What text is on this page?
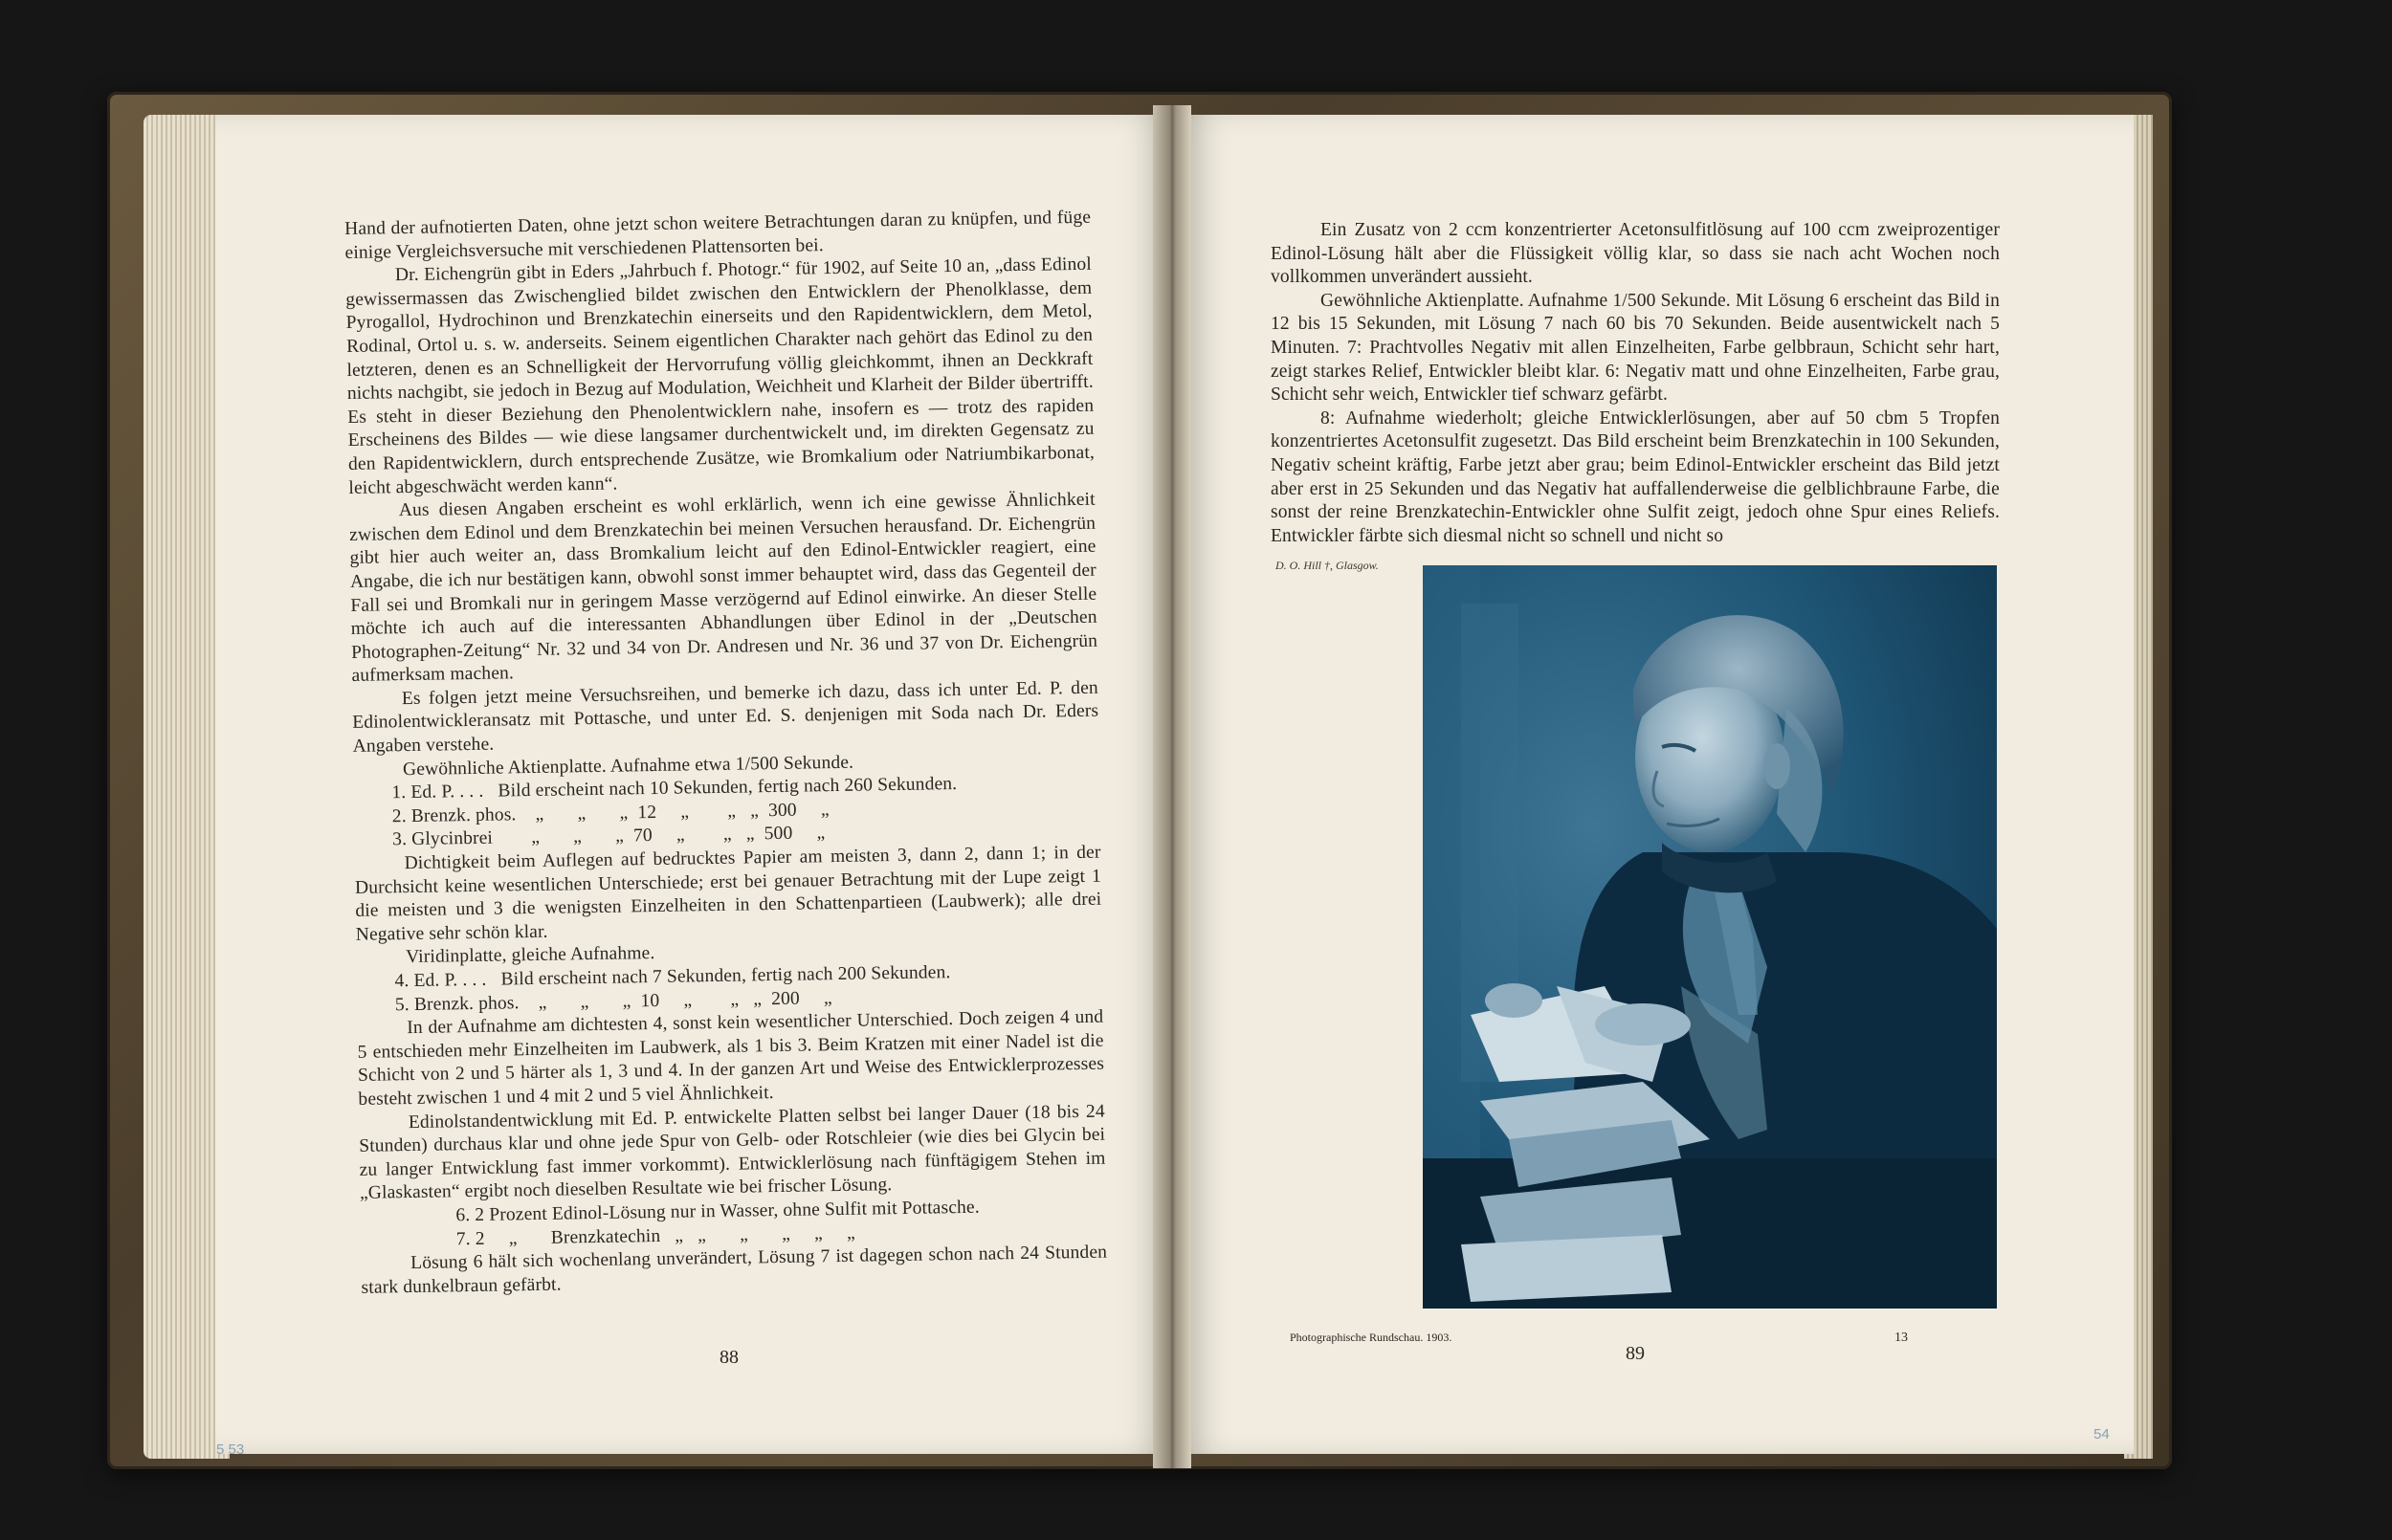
Hand der aufnotierten Daten, ohne jetzt schon weitere Betrachtungen daran zu knüpfen, und füge einige Vergleichsversuche mit verschiedenen Plattensorten bei.

Dr. Eichengrün gibt in Eders „Jahrbuch f. Photogr.“ für 1902, auf Seite 10 an, „dass Edinol gewissermassen das Zwischenglied bildet zwischen den Entwicklern der Phenolklasse, dem Pyrogallol, Hydrochinon und Brenzkatechin einerseits und den Rapidentwicklern, dem Metol, Rodinal, Ortol u. s. w. anderseits. Seinem eigentlichen Charakter nach gehört das Edinol zu den letzteren, denen es an Schnelligkeit der Hervorrufung völlig gleichkommt, ihnen an Deckkraft nichts nachgibt, sie jedoch in Bezug auf Modulation, Weichheit und Klarheit der Bilder übertrifft. Es steht in dieser Beziehung den Phenolentwicklern nahe, insofern es — trotz des rapiden Erscheinens des Bildes — wie diese langsamer durchentwickelt und, im direkten Gegensatz zu den Rapidentwicklern, durch entsprechende Zusätze, wie Bromkalium oder Natriumbikarbonat, leicht abgeschwächt werden kann“.

Aus diesen Angaben erscheint es wohl erklärlich, wenn ich eine gewisse Ähnlichkeit zwischen dem Edinol und dem Brenzkatechin bei meinen Versuchen herausfand. Dr. Eichengrün gibt hier auch weiter an, dass Bromkalium leicht auf den Edinol-Entwickler reagiert, eine Angabe, die ich nur bestätigen kann, obwohl sonst immer behauptet wird, dass das Gegenteil der Fall sei und Bromkali nur in geringem Masse verzögernd auf Edinol einwirke. An dieser Stelle möchte ich auch auf die interessanten Abhandlungen über Edinol in der „Deutschen Photographen-Zeitung“ Nr. 32 und 34 von Dr. Andresen und Nr. 36 und 37 von Dr. Eichengrün aufmerksam machen.

Es folgen jetzt meine Versuchsreihen, und bemerke ich dazu, dass ich unter Ed. P. den Edinolentwickleransatz mit Pottasche, und unter Ed. S. denjenigen mit Soda nach Dr. Eders Angaben verstehe.

Gewöhnliche Aktienplatte. Aufnahme etwa 1/500 Sekunde.

1. Ed. P. . . .   Bild erscheint nach 10 Sekunden, fertig nach 260 Sekunden.

2. Brenzk. phos.    „       „       „  12     „        „   „  300     „

3. Glycinbrei        „       „       „  70     „        „   „  500     „

Dichtigkeit beim Auflegen auf bedrucktes Papier am meisten 3, dann 2, dann 1; in der Durchsicht keine wesentlichen Unterschiede; erst bei genauer Betrachtung mit der Lupe zeigt 1 die meisten und 3 die wenigsten Einzelheiten in den Schattenpartieen (Laubwerk); alle drei Negative sehr schön klar.

Viridinplatte, gleiche Aufnahme.

4. Ed. P. . . .   Bild erscheint nach 7 Sekunden, fertig nach 200 Sekunden.

5. Brenzk. phos.    „       „       „  10     „        „   „  200     „

In der Aufnahme am dichtesten 4, sonst kein wesentlicher Unterschied. Doch zeigen 4 und 5 entschieden mehr Einzelheiten im Laubwerk, als 1 bis 3. Beim Kratzen mit einer Nadel ist die Schicht von 2 und 5 härter als 1, 3 und 4. In der ganzen Art und Weise des Entwicklerprozesses besteht zwischen 1 und 4 mit 2 und 5 viel Ähnlichkeit.

Edinolstandentwicklung mit Ed. P. entwickelte Platten selbst bei langer Dauer (18 bis 24 Stunden) durchaus klar und ohne jede Spur von Gelb- oder Rotschleier (wie dies bei Glycin bei zu langer Entwicklung fast immer vorkommt). Entwicklerlösung nach fünftägigem Stehen im „Glaskasten“ ergibt noch dieselben Resultate wie bei frischer Lösung.

6. 2 Prozent Edinol-Lösung nur in Wasser, ohne Sulfit mit Pottasche.

7. 2     „       Brenzkatechin   „   „       „       „     „     „

Lösung 6 hält sich wochenlang unverändert, Lösung 7 ist dagegen schon nach 24 Stunden stark dunkelbraun gefärbt.

88

Ein Zusatz von 2 ccm konzentrierter Acetonsulfitlösung auf 100 ccm zweiprozentiger Edinol-Lösung hält aber die Flüssigkeit völlig klar, so dass sie nach acht Wochen noch vollkommen unverändert aussieht.

Gewöhnliche Aktienplatte. Aufnahme 1/500 Sekunde. Mit Lösung 6 erscheint das Bild in 12 bis 15 Sekunden, mit Lösung 7 nach 60 bis 70 Sekunden. Beide ausentwickelt nach 5 Minuten. 7: Prachtvolles Negativ mit allen Einzelheiten, Farbe gelbbraun, Schicht sehr hart, zeigt starkes Relief, Entwickler bleibt klar. 6: Negativ matt und ohne Einzelheiten, Farbe grau, Schicht sehr weich, Entwickler tief schwarz gefärbt.

8: Aufnahme wiederholt; gleiche Entwicklerlösungen, aber auf 50 cbm 5 Tropfen konzentriertes Acetonsulfit zugesetzt. Das Bild erscheint beim Brenzkatechin in 100 Sekunden, Negativ scheint kräftig, Farbe jetzt aber grau; beim Edinol-Entwickler erscheint das Bild jetzt aber erst in 25 Sekunden und das Negativ hat auffallenderweise die gelblichbraune Farbe, die sonst der reine Brenzkatechin-Entwickler ohne Sulfit zeigt, jedoch ohne Spur eines Reliefs. Entwickler färbte sich diesmal nicht so schnell und nicht so

D. O. Hill †, Glasgow.
Photographische Rundschau. 1903.
89
13
5 53
54
